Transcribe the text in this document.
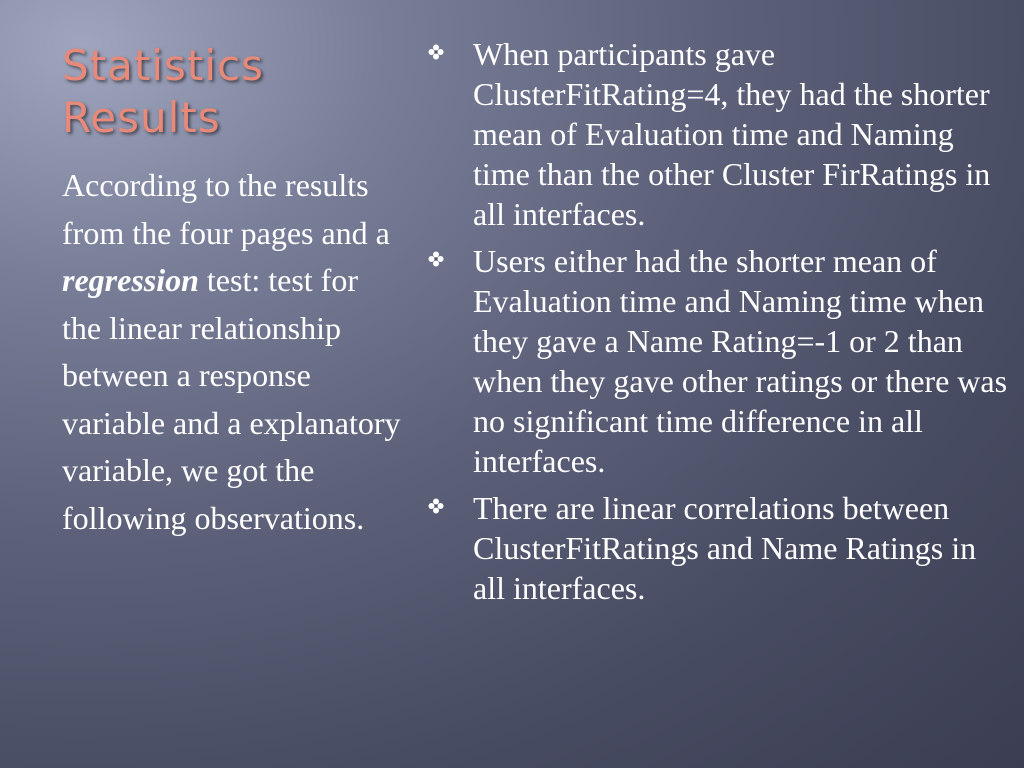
Statistics
Results

According to the results from the four pages and a regression test: test for the linear relationship between a response variable and a explanatory variable, we got the following observations.

When participants gave ClusterFitRating=4, they had the shorter mean of Evaluation time and Naming time than the other Cluster FirRatings in all interfaces.
Users either had the shorter mean of Evaluation time and Naming time when they gave a Name Rating=-1 or 2 than when they gave other ratings or there was no significant time difference in all interfaces.
There are linear correlations between ClusterFitRatings and Name Ratings in all interfaces.
